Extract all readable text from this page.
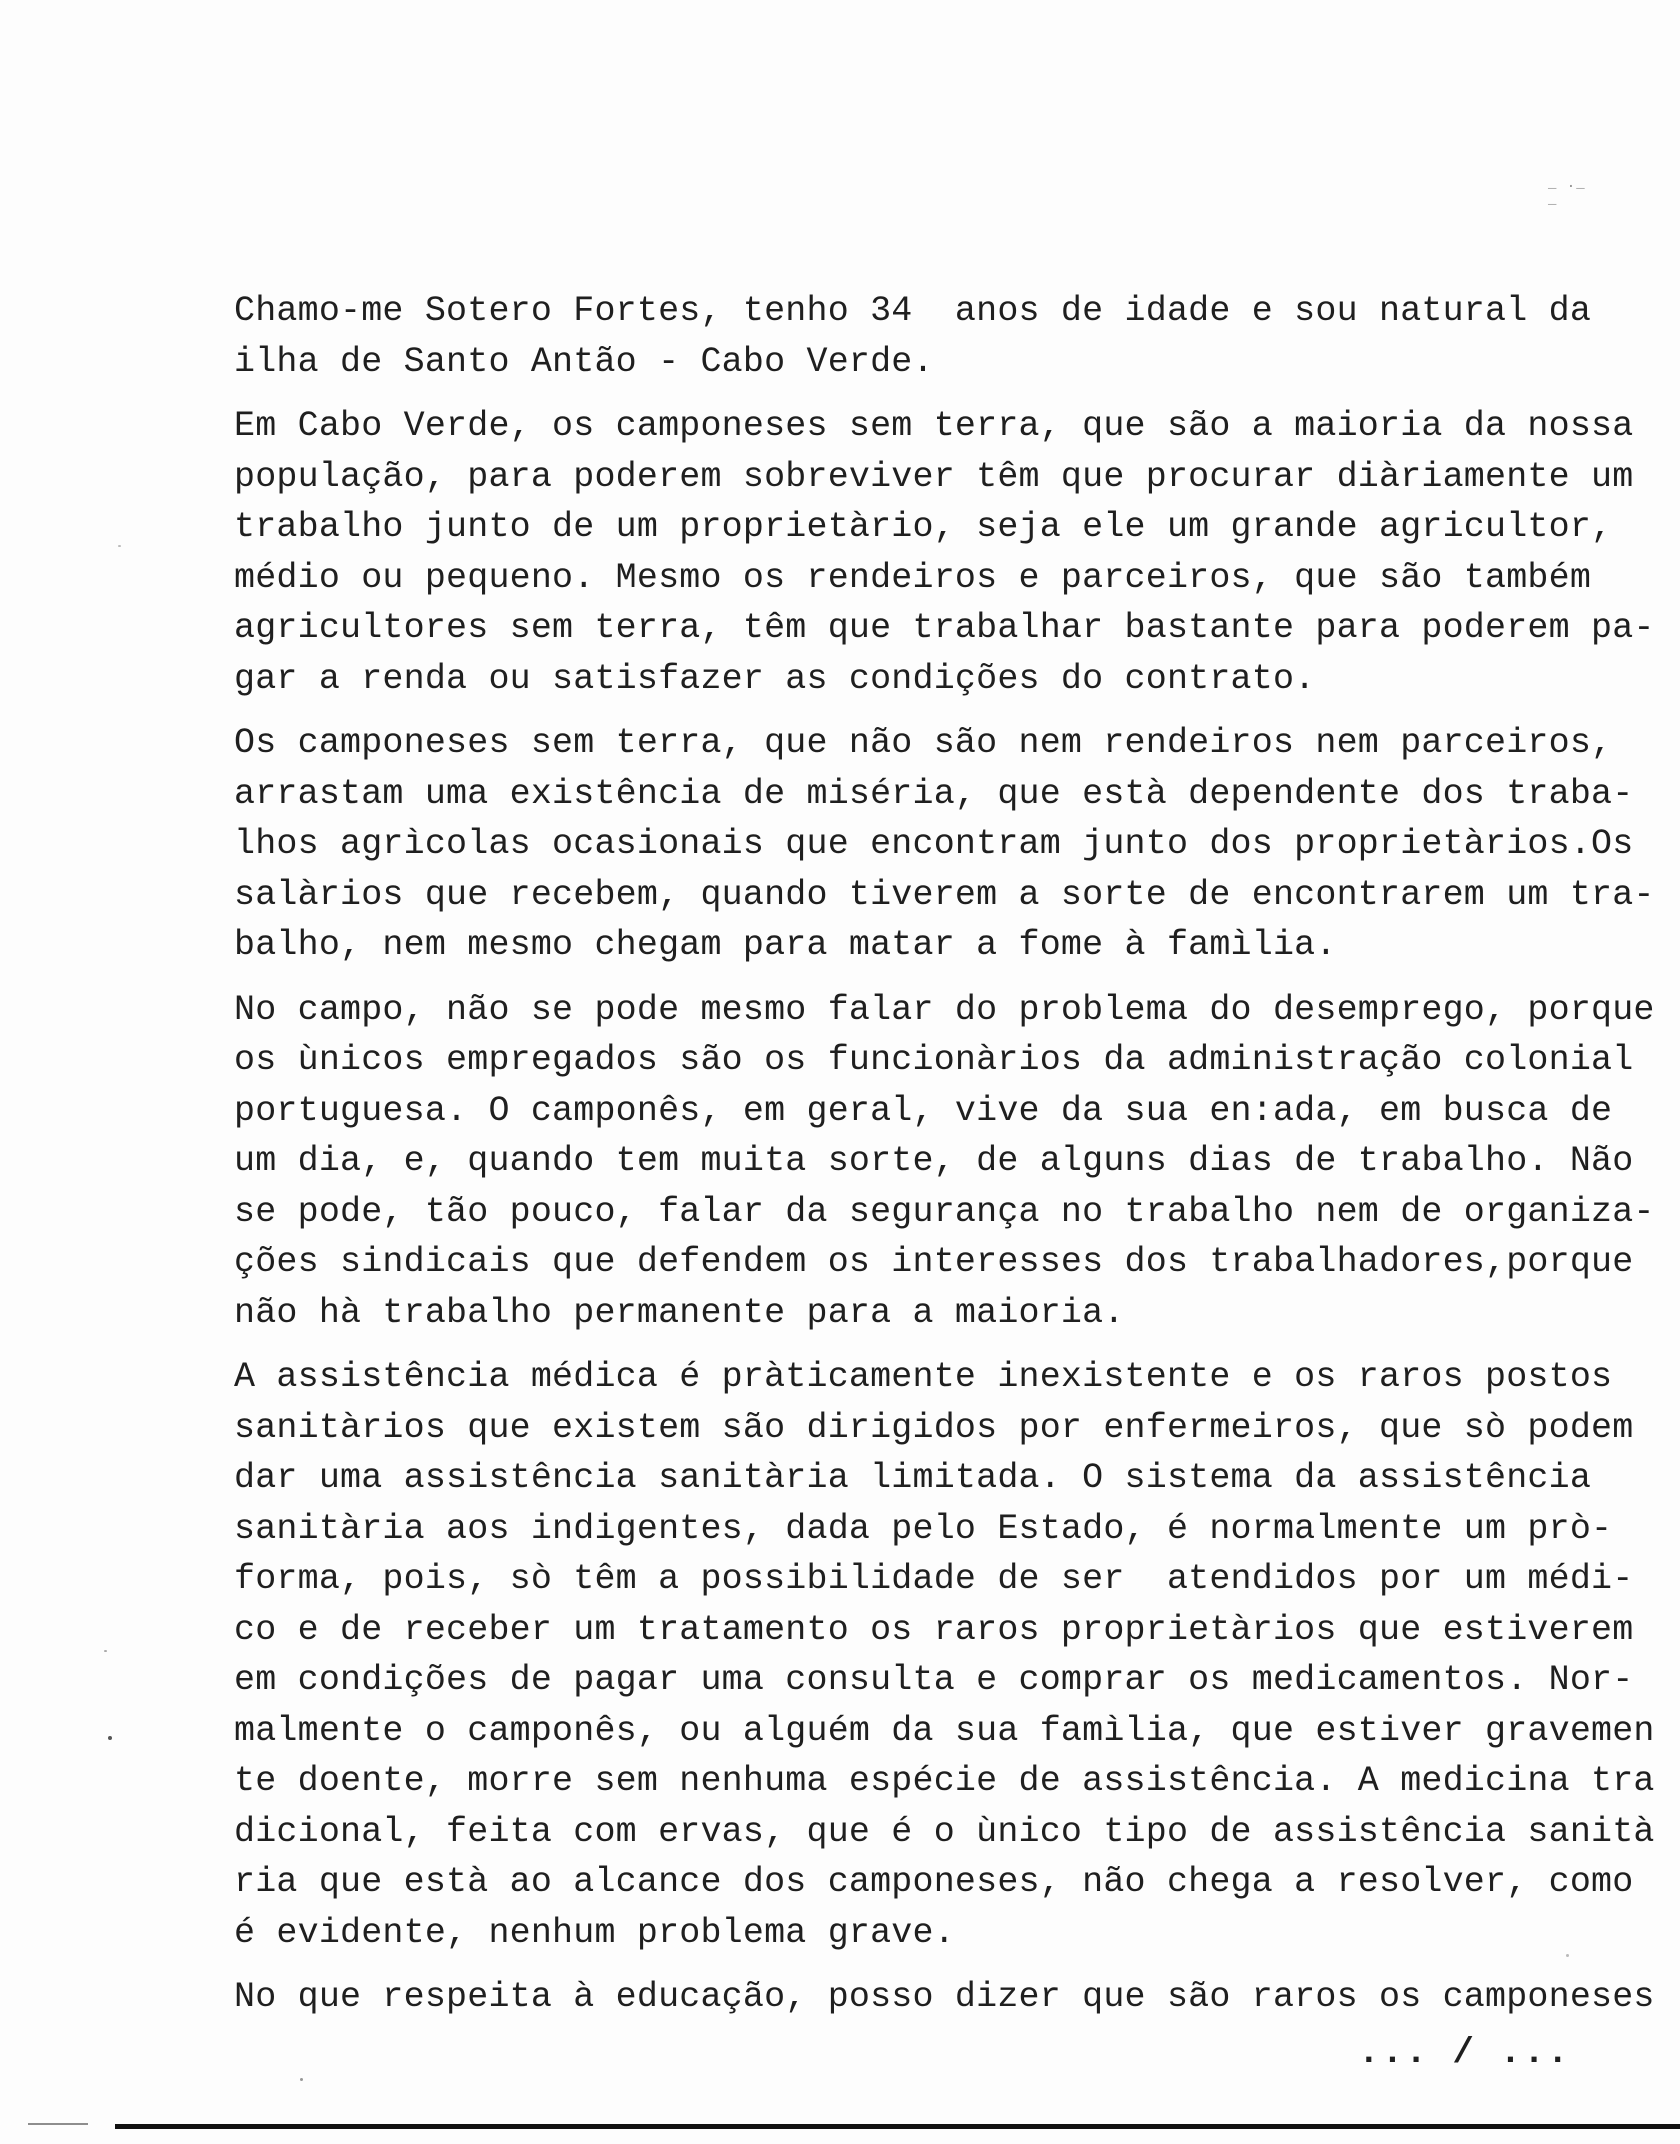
_ ._ _

Chamo-me Sotero Fortes, tenho 34  anos de idade e sou natural da
ilha de Santo Antão - Cabo Verde.

Em Cabo Verde, os camponeses sem terra, que são a maioria da nossa
população, para poderem sobreviver têm que procurar diàriamente um
trabalho junto de um proprietàrio, seja ele um grande agricultor,
médio ou pequeno. Mesmo os rendeiros e parceiros, que são também
agricultores sem terra, têm que trabalhar bastante para poderem pa-
gar a renda ou satisfazer as condições do contrato.

Os camponeses sem terra, que não são nem rendeiros nem parceiros,
arrastam uma existência de miséria, que està dependente dos traba-
lhos agrìcolas ocasionais que encontram junto dos proprietàrios.Os
salàrios que recebem, quando tiverem a sorte de encontrarem um tra-
balho, nem mesmo chegam para matar a fome à famìlia.

No campo, não se pode mesmo falar do problema do desemprego, porque
os ùnicos empregados são os funcionàrios da administração colonial
portuguesa. O camponês, em geral, vive da sua en:ada, em busca de
um dia, e, quando tem muita sorte, de alguns dias de trabalho. Não
se pode, tão pouco, falar da segurança no trabalho nem de organiza-
ções sindicais que defendem os interesses dos trabalhadores,porque
não hà trabalho permanente para a maioria.

A assistência médica é pràticamente inexistente e os raros postos
sanitàrios que existem são dirigidos por enfermeiros, que sò podem
dar uma assistência sanitària limitada. O sistema da assistência
sanitària aos indigentes, dada pelo Estado, é normalmente um prò-
forma, pois, sò têm a possibilidade de ser  atendidos por um médi-
co e de receber um tratamento os raros proprietàrios que estiverem
em condições de pagar uma consulta e comprar os medicamentos. Nor-
malmente o camponês, ou alguém da sua famìlia, que estiver gravemen
te doente, morre sem nenhuma espécie de assistência. A medicina tra
dicional, feita com ervas, que é o ùnico tipo de assistência sanità
ria que està ao alcance dos camponeses, não chega a resolver, como
é evidente, nenhum problema grave.

No que respeita à educação, posso dizer que são raros os camponeses

... / ...
